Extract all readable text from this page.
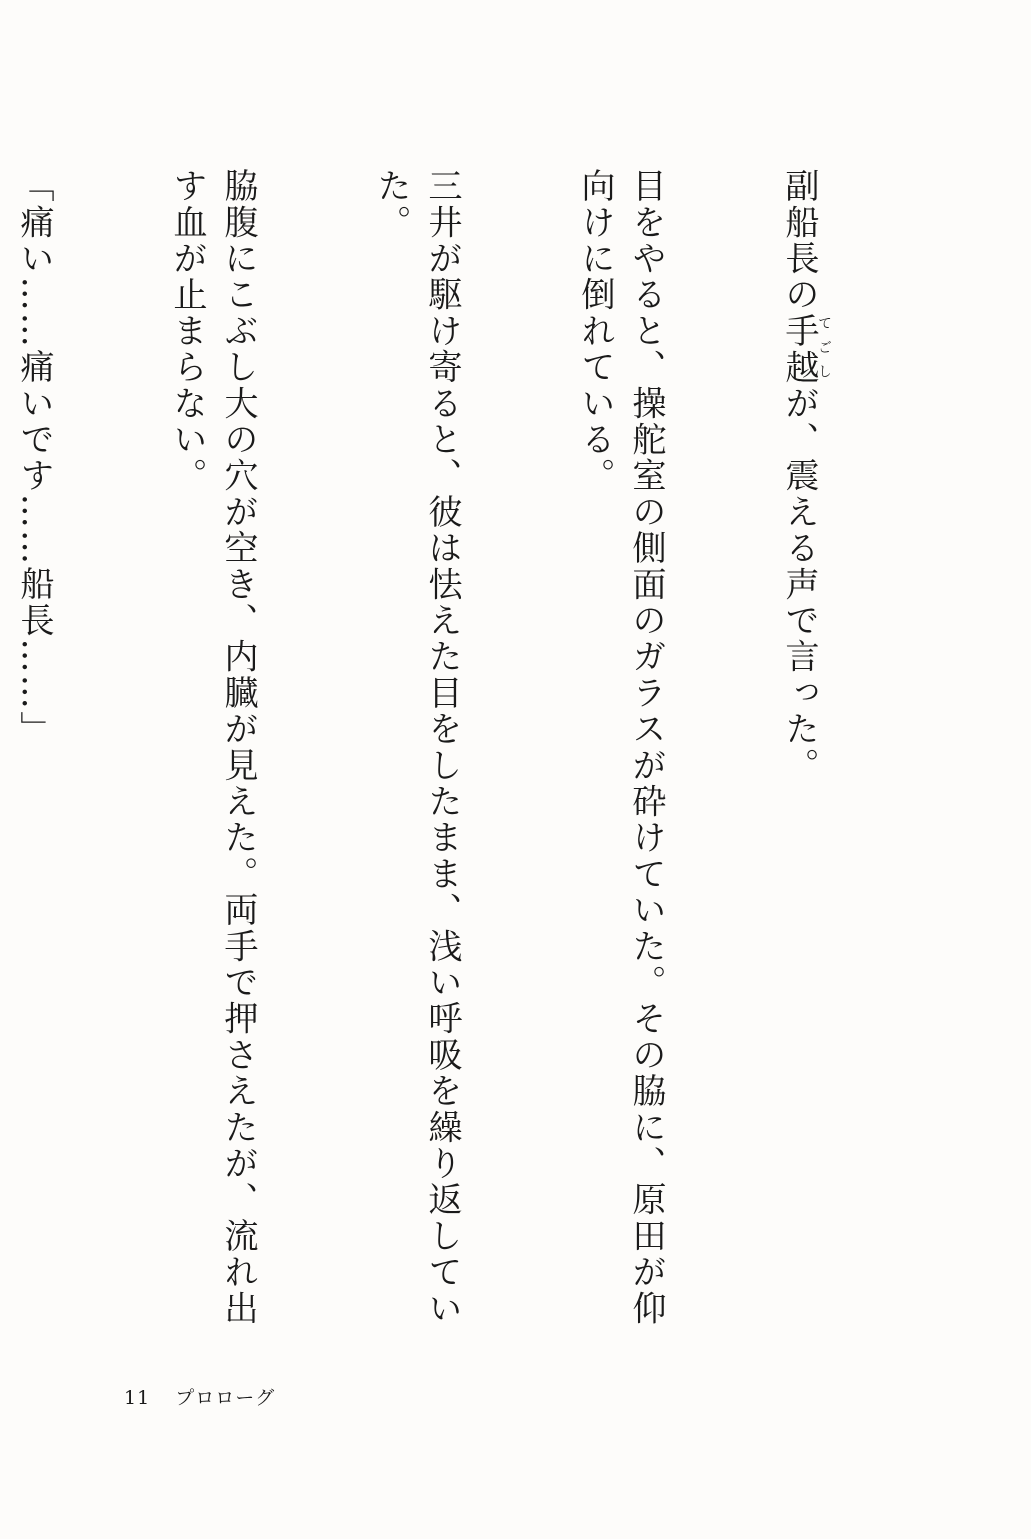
副船長の手越てごしが、震える声で言った。

目をやると、操舵室の側面のガラスが砕けていた。その脇に、原田が仰向けに倒れている。

三井が駆け寄ると、彼は怯えた目をしたまま、浅い呼吸を繰り返していた。

脇腹にこぶし大の穴が空き、内臓が見えた。両手で押さえたが、流れ出す血が止まらない。

「痛い……痛いです……船長……」

11 プロローグ
